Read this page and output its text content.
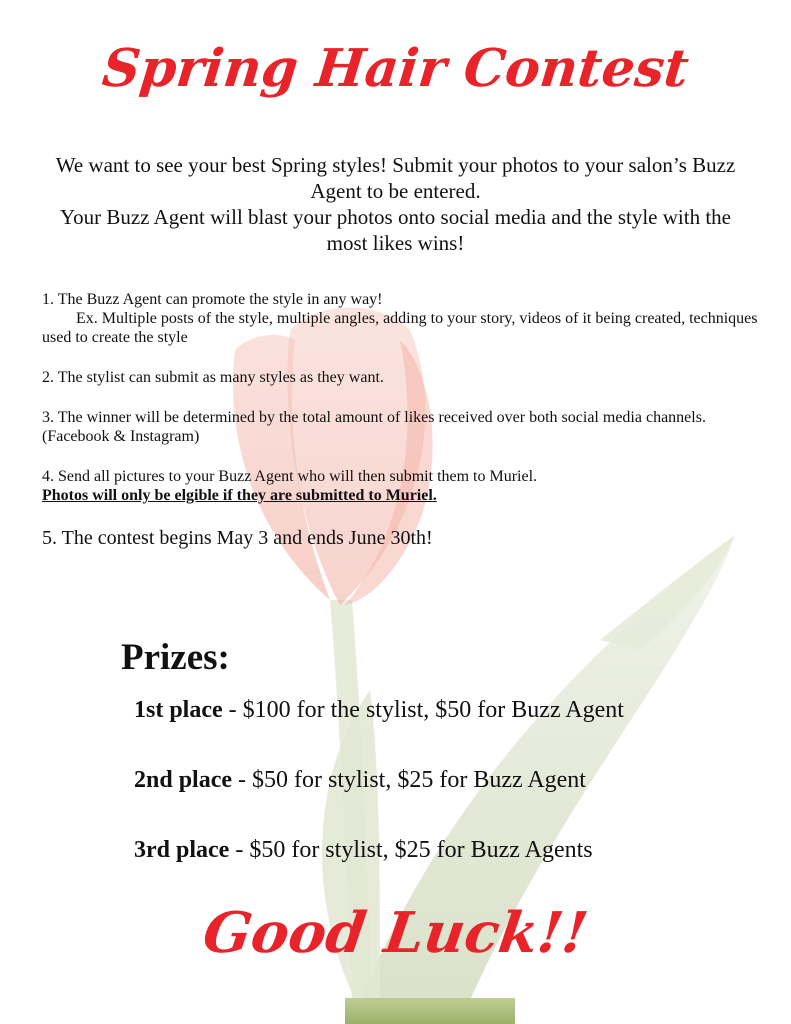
Spring Hair Contest

We want to see your best Spring styles! Submit your photos to your salon’s Buzz Agent to be entered.

Your Buzz Agent will blast your photos onto social media and the style with the most likes wins!

1. The Buzz Agent can promote the style in any way!

Ex. Multiple posts of the style, multiple angles, adding to your story, videos of it being created, techniques used to create the style

2. The stylist can submit as many styles as they want.

3. The winner will be determined by the total amount of likes received over both social media channels. (Facebook & Instagram)

4. Send all pictures to your Buzz Agent who will then submit them to Muriel.

Photos will only be elgible if they are submitted to Muriel.

5. The contest begins May 3 and ends June 30th!

Prizes:
1st place - $100 for the stylist, $50 for Buzz Agent
2nd place - $50 for stylist, $25 for Buzz Agent
3rd place - $50 for stylist, $25 for Buzz Agents
Good Luck!!
